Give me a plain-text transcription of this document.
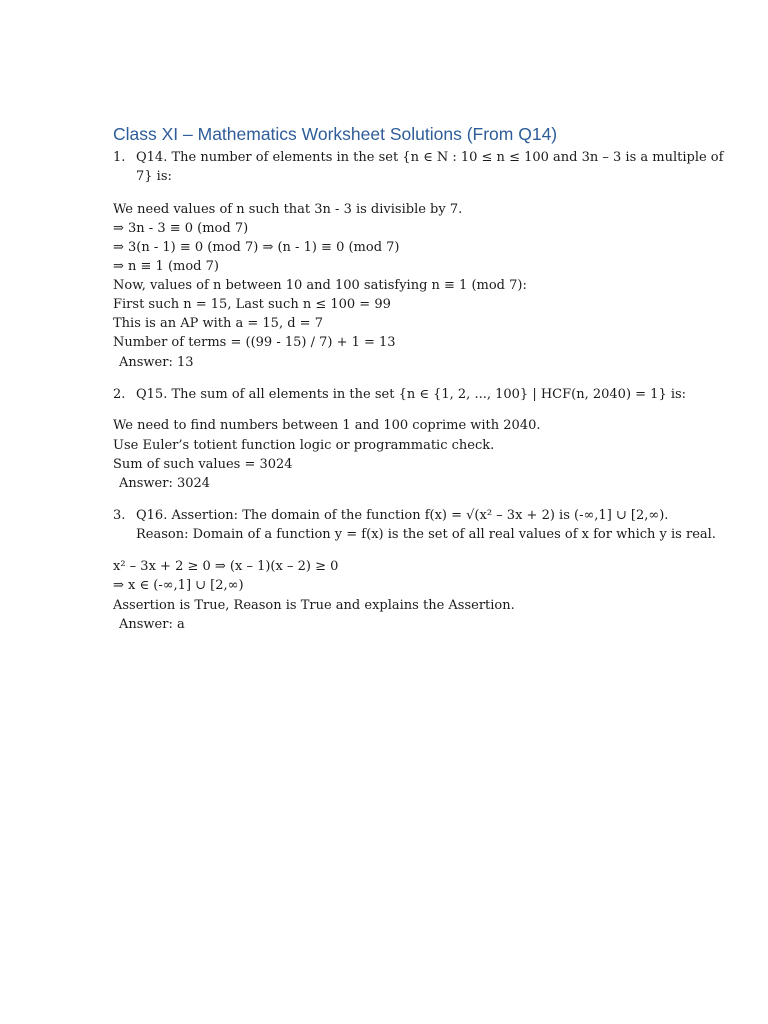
Class XI – Mathematics Worksheet Solutions (From Q14)
1. Q14. The number of elements in the set {n ∈ N : 10 ≤ n ≤ 100 and 3n – 3 is a multiple of
7} is:
We need values of n such that 3n - 3 is divisible by 7.
⇒ 3n - 3 ≡ 0 (mod 7)
⇒ 3(n - 1) ≡ 0 (mod 7) ⇒ (n - 1) ≡ 0 (mod 7)
⇒ n ≡ 1 (mod 7)
Now, values of n between 10 and 100 satisfying n ≡ 1 (mod 7):
First such n = 15, Last such n ≤ 100 = 99
This is an AP with a = 15, d = 7
Number of terms = ((99 - 15) / 7) + 1 = 13
Answer: 13
2. Q15. The sum of all elements in the set {n ∈ {1, 2, ..., 100} | HCF(n, 2040) = 1} is:
We need to find numbers between 1 and 100 coprime with 2040.
Use Euler’s totient function logic or programmatic check.
Sum of such values = 3024
Answer: 3024
3. Q16. Assertion: The domain of the function f(x) = √(x² – 3x + 2) is (-∞,1] ∪ [2,∞).
Reason: Domain of a function y = f(x) is the set of all real values of x for which y is real.
x² – 3x + 2 ≥ 0 ⇒ (x – 1)(x – 2) ≥ 0
⇒ x ∈ (-∞,1] ∪ [2,∞)
Assertion is True, Reason is True and explains the Assertion.
Answer: a
